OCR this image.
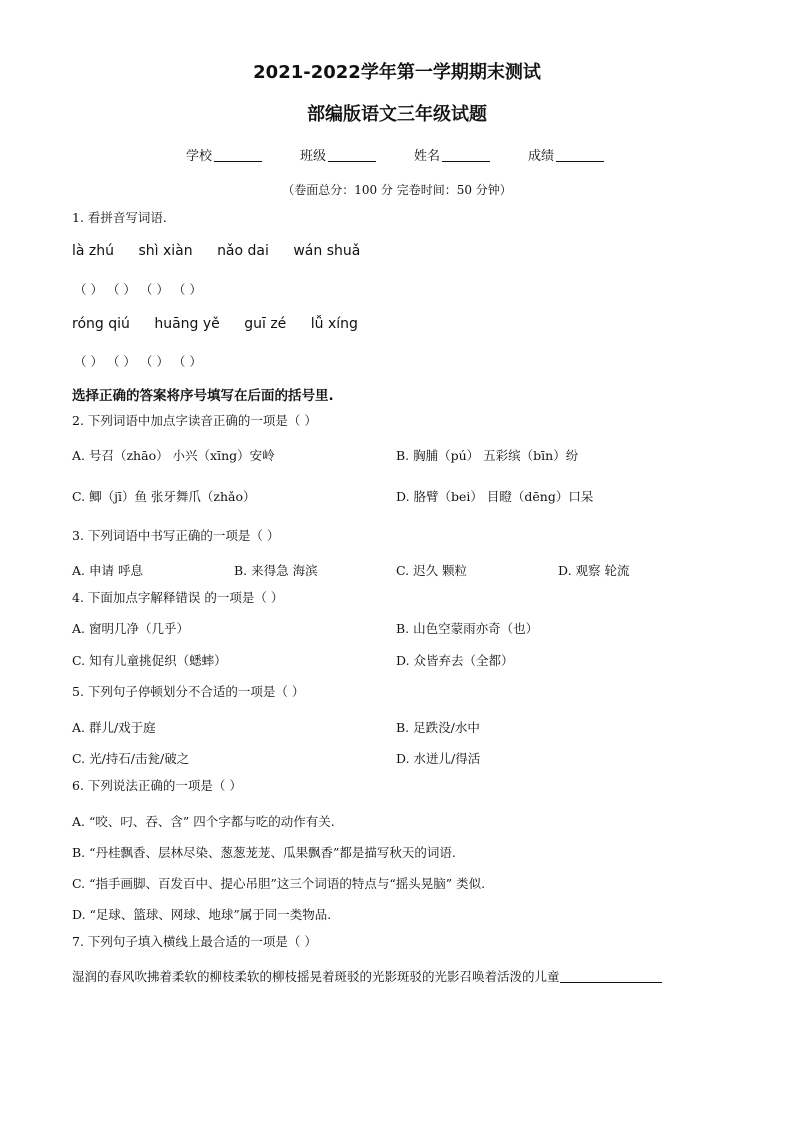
2021-2022学年第一学期期末测试
部编版语文三年级试题
学校	班级	姓名	成绩
（卷面总分：100 分 完卷时间：50 分钟）
1. 看拼音写词语.
là zhú shì xiàn nǎo dai wán shuǎ
（ ） （ ） （ ） （ ）
róng qiú huāng yě guī zé lǚ xíng
（ ） （ ） （ ） （ ）
选择正确的答案将序号填写在后面的括号里.
2. 下列词语中加点字读音正确的一项是（ ）
A. 号召（zhāo） 小兴（xīng）安岭	B. 胸脯（pú） 五彩缤（bīn）纷
C. 鲫（jī）鱼 张牙舞爪（zhǎo）	D. 胳臂（bei） 目瞪（dēng）口呆
3. 下列词语中书写正确的一项是（ ）
A. 申请 呼息	B. 来得急 海滨	C. 迟久 颗粒	D. 观察 轮流
4. 下面加点字解释错误 的一项是（ ）
A. 窗明几净（几乎）	B. 山色空蒙雨亦奇（也）
C. 知有儿童挑促织（蟋蟀）	D. 众皆弃去（全都）
5. 下列句子停顿划分不合适的一项是（ ）
A. 群儿/戏于庭	B. 足跌没/水中
C. 光/持石/击瓮/破之	D. 水迸儿/得活
6. 下列说法正确的一项是（ ）
A. “咬、叼、吞、含” 四个字都与吃的动作有关.
B. “丹桂飘香、层林尽染、葱葱茏茏、瓜果飘香”都是描写秋天的词语.
C. “指手画脚、百发百中、提心吊胆”这三个词语的特点与“摇头晃脑” 类似.
D. “足球、篮球、网球、地球”属于同一类物品.
7. 下列句子填入横线上最合适的一项是（ ）
湿润的春风吹拂着柔软的柳枝柔软的柳枝摇晃着斑驳的光影斑驳的光影召唤着活泼的儿童
